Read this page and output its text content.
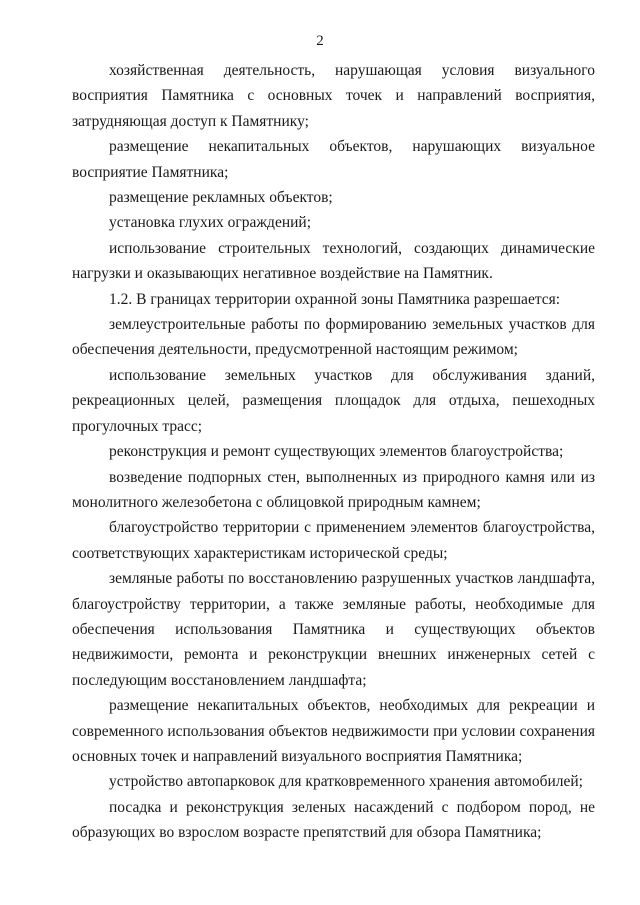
2

хозяйственная деятельность, нарушающая условия визуального восприятия Памятника с основных точек и направлений восприятия, затрудняющая доступ к Памятнику;

размещение некапитальных объектов, нарушающих визуальное восприятие Памятника;

размещение рекламных объектов;

установка глухих ограждений;

использование строительных технологий, создающих динамические нагрузки и оказывающих негативное воздействие на Памятник.

1.2. В границах территории охранной зоны Памятника разрешается:

землеустроительные работы по формированию земельных участков для обеспечения деятельности, предусмотренной настоящим режимом;

использование земельных участков для обслуживания зданий, рекреационных целей, размещения площадок для отдыха, пешеходных прогулочных трасс;

реконструкция и ремонт существующих элементов благоустройства;

возведение подпорных стен, выполненных из природного камня или из монолитного железобетона с облицовкой природным камнем;

благоустройство территории с применением элементов благоустройства, соответствующих характеристикам исторической среды;

земляные работы по восстановлению разрушенных участков ландшафта, благоустройству территории, а также земляные работы, необходимые для обеспечения использования Памятника и существующих объектов недвижимости, ремонта и реконструкции внешних инженерных сетей с последующим восстановлением ландшафта;

размещение некапитальных объектов, необходимых для рекреации и современного использования объектов недвижимости при условии сохранения основных точек и направлений визуального восприятия Памятника;

устройство автопарковок для кратковременного хранения автомобилей;

посадка и реконструкция зеленых насаждений с подбором пород, не образующих во взрослом возрасте препятствий для обзора Памятника;
